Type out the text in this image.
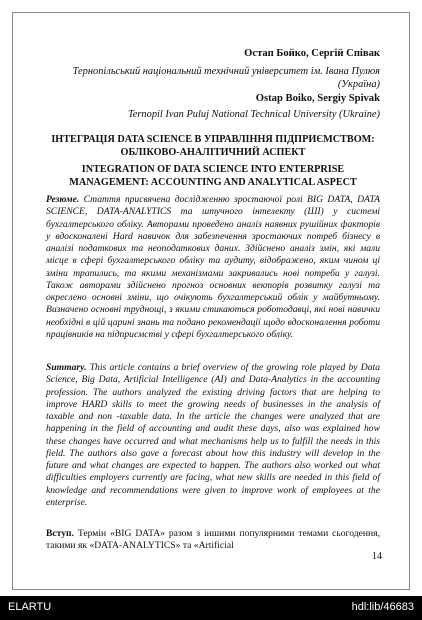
Остап Бойко, Сергій Співак
Тернопільський національний технічний університет ім. Івана Пулюя (Україна)
Ostap Boiko, Sergiy Spivak
Ternopil Ivan Puluj National Technical University (Ukraine)
ІНТЕГРАЦІЯ DATA SCIENCE В УПРАВЛІННЯ ПІДПРИЄМСТВОМ: ОБЛІКОВО-АНАЛІТИЧНИЙ АСПЕКТ
INTEGRATION OF DATA SCIENCE INTO ENTERPRISE MANAGEMENT: ACCOUNTING AND ANALYTICAL ASPECT
Резюме. Стаття присвячена дослідженню зростаючої ролі BIG DATA, DATA SCIENCE, DATA-ANALYTICS та штучного інтелекту (ШІ) у системі бухгалтерського обліку. Авторами проведено аналіз наявних рушійних факторів у вдосконалені Hard навичок для забезпечення зростаючих потреб бізнесу в аналізі податкових та неоподаткових даних. Здійснено аналіз змін, які мали місце в сфері бухгалтерського обліку та аудиту, відображено, яким чином ці зміни трапились, та якими механізмами закривались нові потреби у галузі. Також авторами здійснено прогноз основних векторів розвитку галузі та окреслено основні зміни, що очікують бухгалтерський облік у майбутньому. Визначено основні труднощі, з якими стикаються роботодавці, які нові навички необхідні в цій царині знань та подано рекомендації щодо вдосконалення роботи працівників на підприємстві у сфері бухгалтерського обліку.
Summary. This article contains a brief overview of the growing role played by Data Science, Big Data, Artificial Intelligence (AI) and Data-Analytics in the accounting profession. The authors analyzed the existing driving factors that are helping to improve HARD skills to meet the growing needs of businesses in the analysis of taxable and non -taxable data. In the article the changes were analyzed that are happening in the field of accounting and audit these days, also was explained how these changes have occurred and what mechanisms help us to fulfill the needs in this field. The authors also gave a forecast about how this industry will develop in the future and what changes are expected to happen. The authors also worked out what difficulties employers currently are facing, what new skills are needed in this field of knowledge and recommendations were given to improve work of employees at the enterprise.
Вступ. Термін «BIG DATA» разом з іншими популярними темами сьогодення, такими як «DATA-ANALYTICS» та «Artificial
14
ELARTU	hdl:lib/46683
